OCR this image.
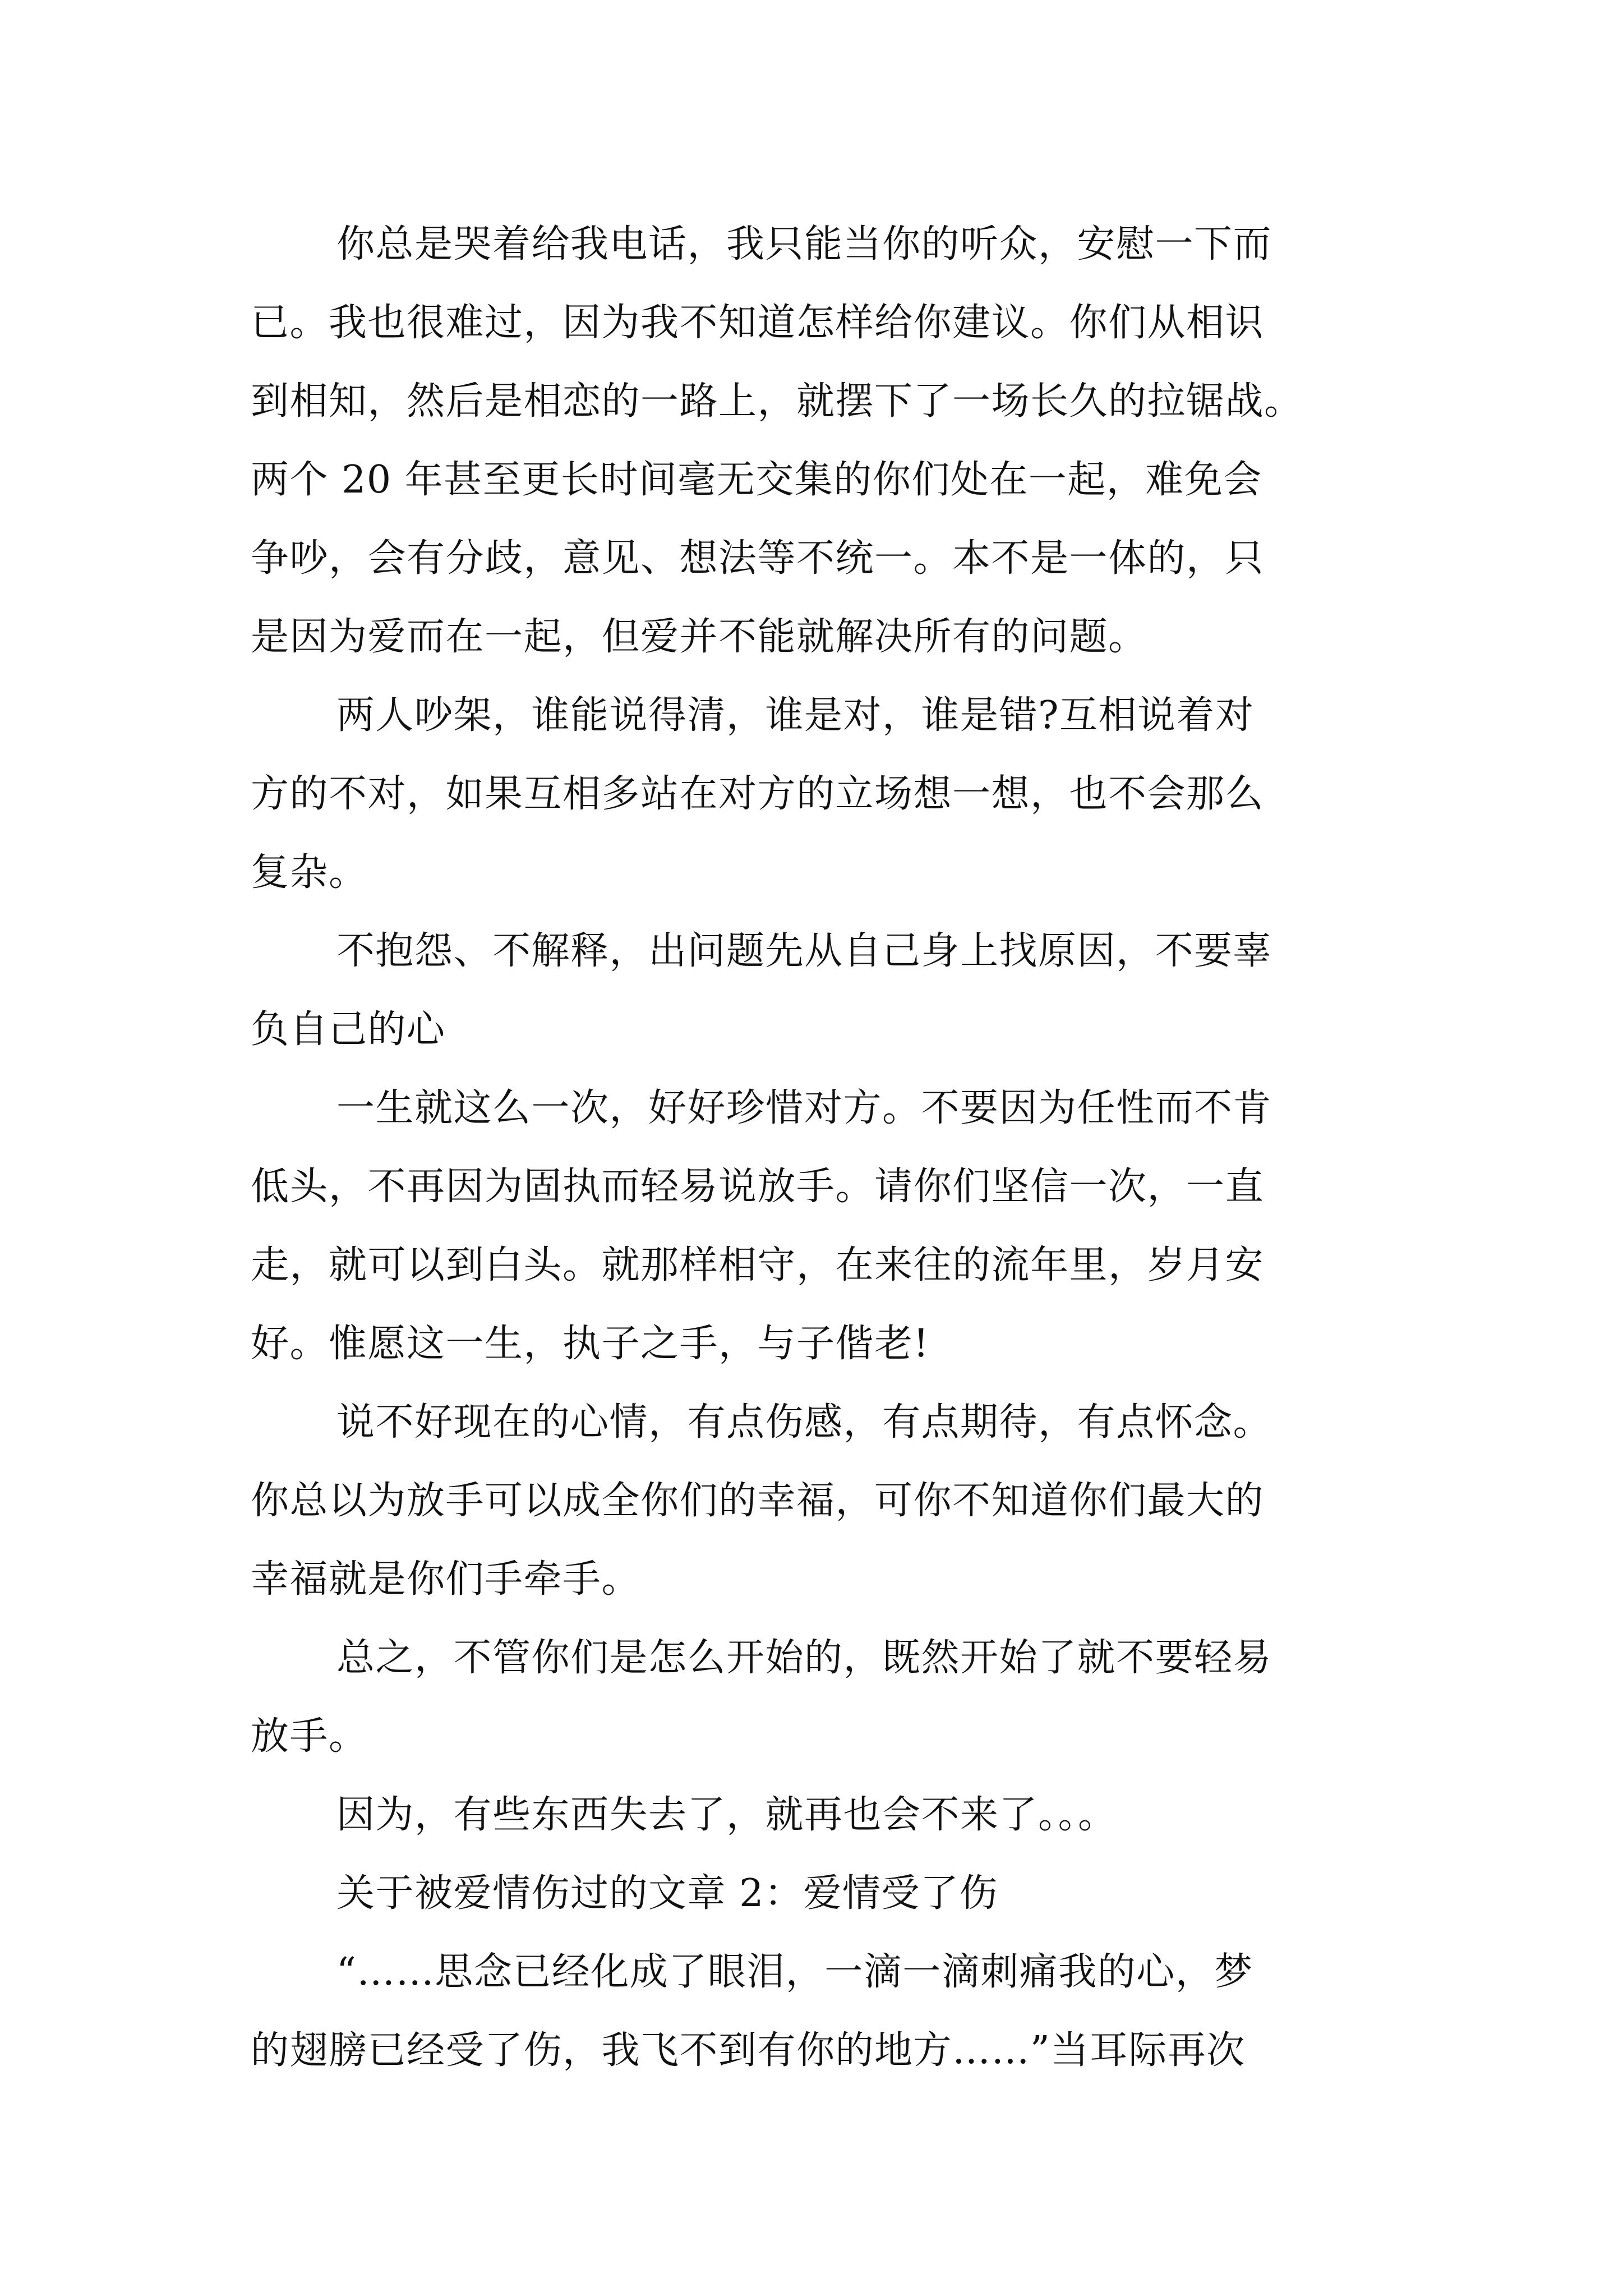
你总是哭着给我电话，我只能当你的听众，安慰一下而

已。我也很难过，因为我不知道怎样给你建议。你们从相识

到相知，然后是相恋的一路上，就摆下了一场长久的拉锯战。

两个 20 年甚至更长时间毫无交集的你们处在一起，难免会

争吵，会有分歧，意见、想法等不统一。本不是一体的，只

是因为爱而在一起，但爱并不能就解决所有的问题。

两人吵架，谁能说得清，谁是对，谁是错?互相说着对

方的不对，如果互相多站在对方的立场想一想，也不会那么

复杂。

不抱怨、不解释，出问题先从自己身上找原因，不要辜

负自己的心

一生就这么一次，好好珍惜对方。不要因为任性而不肯

低头，不再因为固执而轻易说放手。请你们坚信一次，一直

走，就可以到白头。就那样相守，在来往的流年里，岁月安

好。惟愿这一生，执子之手，与子偕老!

说不好现在的心情，有点伤感，有点期待，有点怀念。

你总以为放手可以成全你们的幸福，可你不知道你们最大的

幸福就是你们手牵手。

总之，不管你们是怎么开始的，既然开始了就不要轻易

放手。

因为，有些东西失去了，就再也会不来了。。。

关于被爱情伤过的文章 2：爱情受了伤

“……思念已经化成了眼泪，一滴一滴刺痛我的心，梦

的翅膀已经受了伤，我飞不到有你的地方……”当耳际再次
